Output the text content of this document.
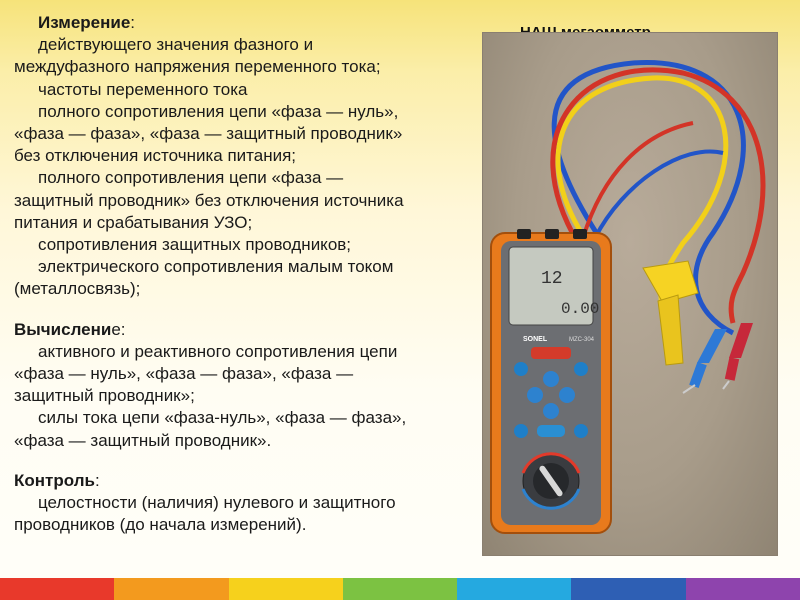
Измерение:
действующего значения фазного и
междуфазного напряжения переменного тока;
частоты переменного тока
полного сопротивления цепи «фаза — нуль»,
«фаза — фаза», «фаза — защитный проводник»
без отключения источника питания;
полного сопротивления цепи «фаза —
защитный проводник» без отключения источника
питания и срабатывания УЗО;
сопротивления защитных проводников;
электрического сопротивления малым током
(металлосвязь);
Вычисление:
активного и реактивного сопротивления цепи
«фаза — нуль», «фаза — фаза», «фаза —
защитный проводник»;
силы тока цепи «фаза-нуль», «фаза — фаза»,
«фаза — защитный проводник».
Контроль:
целостности (наличия) нулевого и защитного
проводников (до начала измерений).
12
0.00
SONEL	MZC-304
